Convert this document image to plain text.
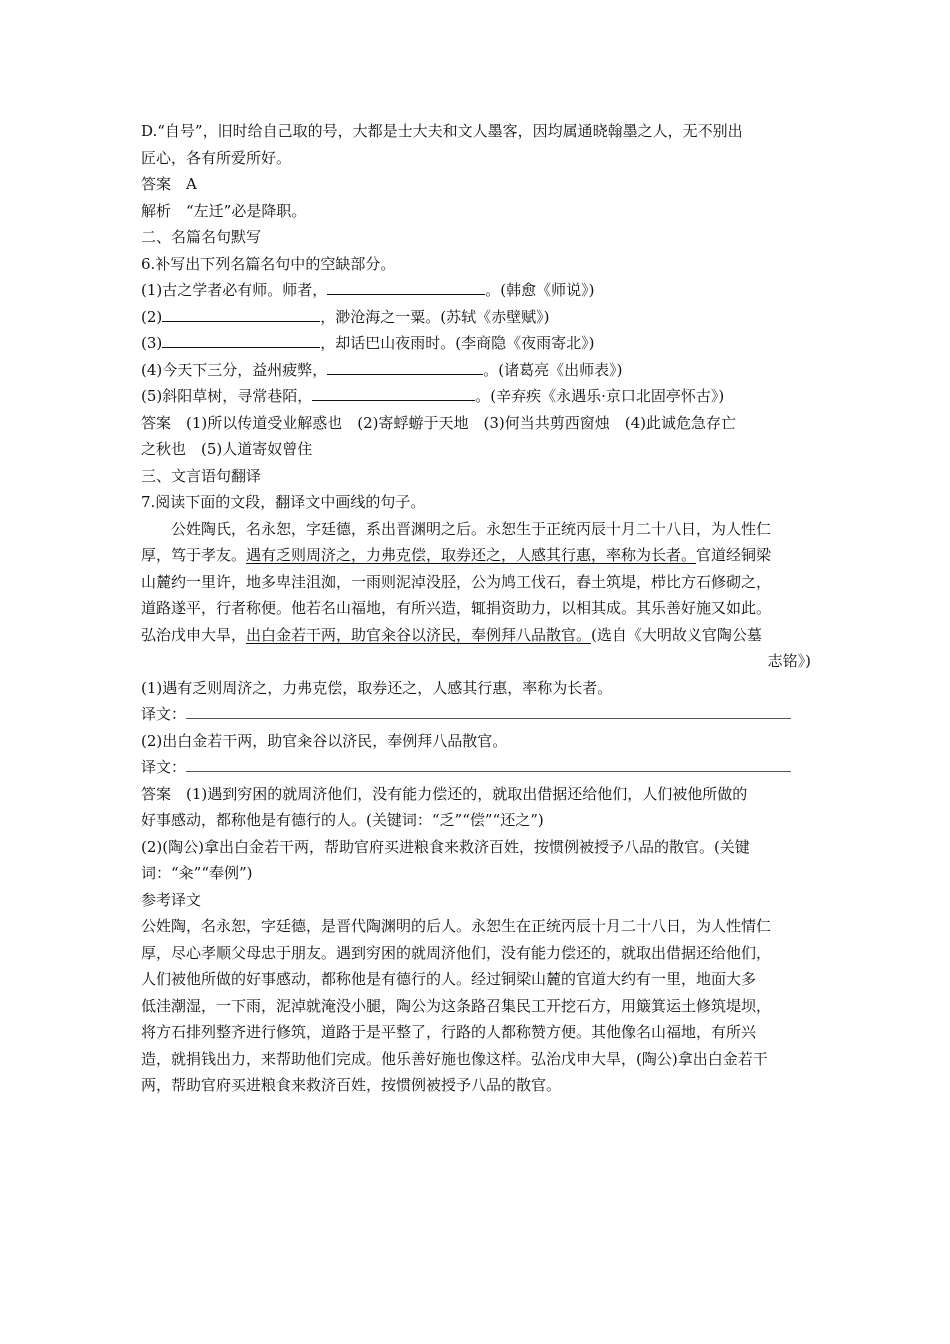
D.“自号”，旧时给自己取的号，大都是士大夫和文人墨客，因均属通晓翰墨之人，无不别出

匠心，各有所爱所好。

答案　A

解析　“左迁”必是降职。

二、名篇名句默写

6.补写出下列名篇名句中的空缺部分。

(1)古之学者必有师。师者，	。(韩愈《师说》)

(2)	，渺沧海之一粟。(苏轼《赤壁赋》)

(3)	，却话巴山夜雨时。(李商隐《夜雨寄北》)

(4)今天下三分，益州疲弊，	。(诸葛亮《出师表》)

(5)斜阳草树，寻常巷陌，	。(辛弃疾《永遇乐·京口北固亭怀古》)

答案　(1)所以传道受业解惑也　(2)寄蜉蝣于天地　(3)何当共剪西窗烛　(4)此诚危急存亡

之秋也　(5)人道寄奴曾住

三、文言语句翻译

7.阅读下面的文段，翻译文中画线的句子。

公姓陶氏，名永恕，字廷德，系出晋渊明之后。永恕生于正统丙辰十月二十八日，为人性仁

厚，笃于孝友。遇有乏则周济之，力弗克偿，取券还之，人感其行惠，率称为长者。官道经铜梁

山麓约一里许，地多卑洼沮洳，一雨则泥淖没胫，公为鸠工伐石，舂土筑堤，栉比方石修砌之，

道路遂平，行者称便。他若名山福地，有所兴造，辄捐资助力，以相其成。其乐善好施又如此。

弘治戊申大旱，出白金若干两，助官籴谷以济民，奉例拜八品散官。(选自《大明故义官陶公墓

志铭》)

(1)遇有乏则周济之，力弗克偿，取券还之，人感其行惠，率称为长者。

译文：

(2)出白金若干两，助官籴谷以济民，奉例拜八品散官。

译文：

答案　(1)遇到穷困的就周济他们，没有能力偿还的，就取出借据还给他们，人们被他所做的

好事感动，都称他是有德行的人。(关键词：“乏”“偿”“还之”)

(2)(陶公)拿出白金若干两，帮助官府买进粮食来救济百姓，按惯例被授予八品的散官。(关键

词：“籴”“奉例”)

参考译文

公姓陶，名永恕，字廷德，是晋代陶渊明的后人。永恕生在正统丙辰十月二十八日，为人性情仁

厚，尽心孝顺父母忠于朋友。遇到穷困的就周济他们，没有能力偿还的，就取出借据还给他们，

人们被他所做的好事感动，都称他是有德行的人。经过铜梁山麓的官道大约有一里，地面大多

低洼潮湿，一下雨，泥淖就淹没小腿，陶公为这条路召集民工开挖石方，用簸箕运土修筑堤坝，

将方石排列整齐进行修筑，道路于是平整了，行路的人都称赞方便。其他像名山福地，有所兴

造，就捐钱出力，来帮助他们完成。他乐善好施也像这样。弘治戊申大旱，(陶公)拿出白金若干

两，帮助官府买进粮食来救济百姓，按惯例被授予八品的散官。
